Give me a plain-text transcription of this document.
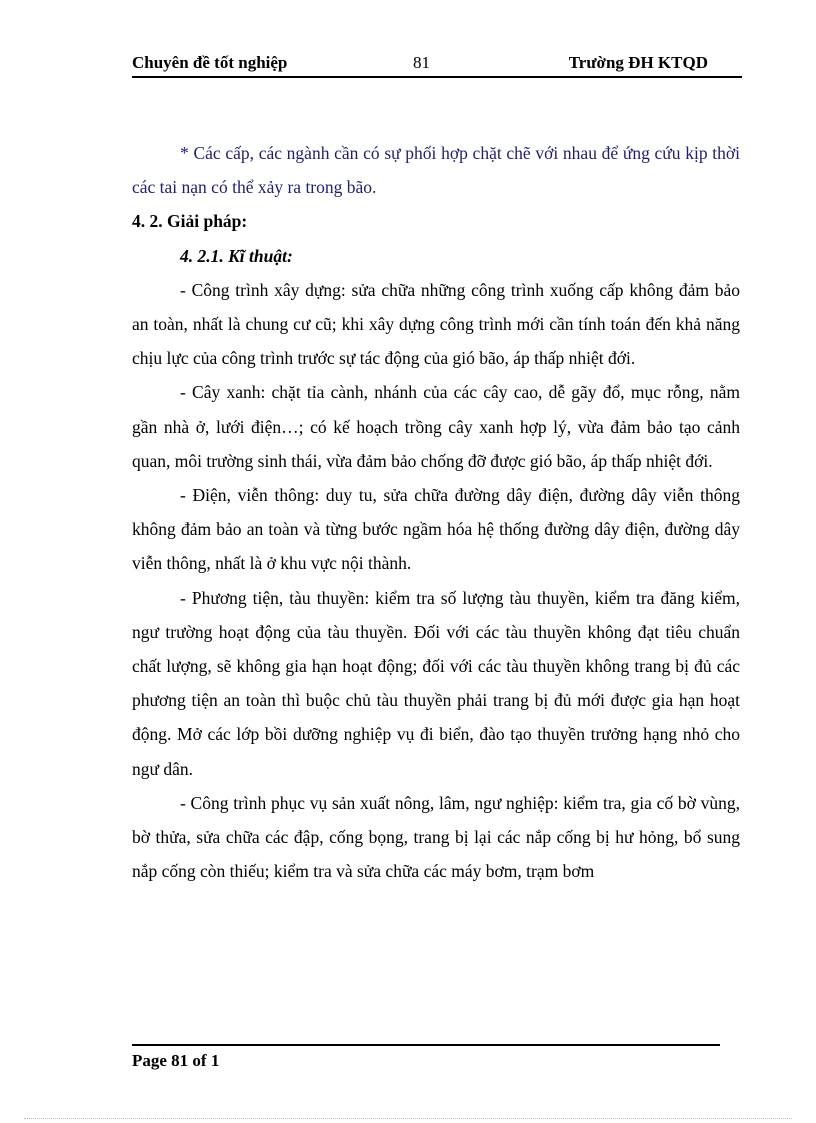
Chuyên đề tốt nghiệp	81	Trường ĐH KTQD

* Các cấp, các ngành cần có sự phối hợp chặt chẽ với nhau để ứng cứu kịp thời các tai nạn có thể xảy ra trong bão.

4. 2. Giải pháp:

4. 2.1. Kĩ thuật:

- Công trình xây dựng: sửa chữa những công trình xuống cấp không đảm bảo an toàn, nhất là chung cư cũ; khi xây dựng công trình mới cần tính toán đến khả năng chịu lực của công trình trước sự tác động của gió bão, áp thấp nhiệt đới.

- Cây xanh: chặt tỉa cành, nhánh của các cây cao, dễ gãy đổ, mục rỗng, nằm gần nhà ở, lưới điện…; có kế hoạch trồng cây xanh hợp lý, vừa đảm bảo tạo cảnh quan, môi trường sinh thái, vừa đảm bảo chống đỡ được gió bão, áp thấp nhiệt đới.

- Điện, viễn thông: duy tu, sửa chữa đường dây điện, đường dây viễn thông không đảm bảo an toàn và từng bước ngầm hóa hệ thống đường dây điện, đường dây viễn thông, nhất là ở khu vực nội thành.

- Phương tiện, tàu thuyền: kiểm tra số lượng tàu thuyền, kiểm tra đăng kiểm, ngư trường hoạt động của tàu thuyền. Đối với các tàu thuyền không đạt tiêu chuẩn chất lượng, sẽ không gia hạn hoạt động; đối với các tàu thuyền không trang bị đủ các phương tiện an toàn thì buộc chủ tàu thuyền phải trang bị đủ mới được gia hạn hoạt động. Mở các lớp bồi dưỡng nghiệp vụ đi biển, đào tạo thuyền trưởng hạng nhỏ cho ngư dân.

- Công trình phục vụ sản xuất nông, lâm, ngư nghiệp: kiểm tra, gia cố bờ vùng, bờ thửa, sửa chữa các đập, cống bọng, trang bị lại các nắp cống bị hư hỏng, bổ sung nắp cống còn thiếu; kiểm tra và sửa chữa các máy bơm, trạm bơm

Page 81 of 1
